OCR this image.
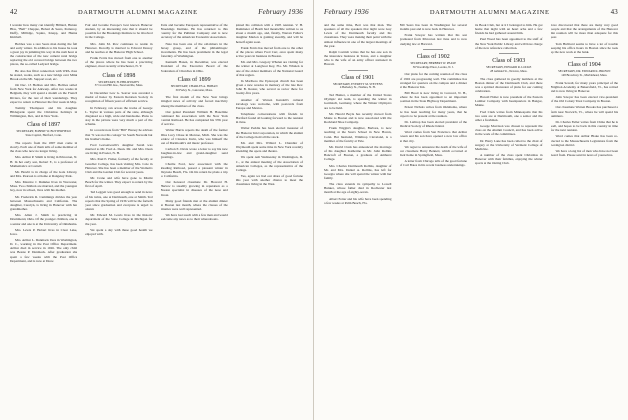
42	DARTMOUTH ALUMNI MAGAZINE	February 1936

I wonder how many can identify Hilliard, Hunter Hiss, "Bull" Chappie, Hebert & Sears, Pomeroy, Duffy, Millidge, Squire, Knapp, and Hanna Kimball.

Hobbes was a rare Sears man during the fall and early winter. In addition to his house he took a great joy in jamming his way in the rush hour at the construction of the new cement rural bridge replacing the old covered bridge between the two places, the so-called Ledyard bridge.

He also has filial connection with WPA class he stated, works, such as a new bridge over Mink Brook on the Mt. Support road, etc.

On Dec. 13 Hobbes and Mrs. Hobbes sailed from New York for Antwerp. After two weeks in Belgium, they will spend a month on the French Riviera, for the rest of their wanderings. They expect to return to Hanover the first week in May.

Tommy Thompson and his daughter Hildegarde spent the Christmas holidays in Wilmington, Del., and in New York.

Class of 1897
SECRETARY, ELBERT W. BUTTERFIELD
State Capitol, Hartford, Conn.

The reports from the 1897 men come in slowly. Each one of them tells of some member of the class who now no longer living.

Mrs. Arthur P. Smith is living in Princeton, N. H. In her early son, Robert F., is a professor of Mathematics at Cornell.

Mr. Hewitt is in charge of the Gale Library, and Mrs. Pearson is at home at Rangeley Park.

Mrs. Maurice J. Dunklee lives in Worcester, Mass. Two children are married, and the youngest boy, now in school, lives with his mother.

Mr. Frederick R. Cummings divides the year between Massachusetts and California. The daughter, Carolyn, is living in Hanover with her grandmother.

Mrs. Allen J. Smith is practicing in Drummond, Okla. Of the younger children, one is a senior and one is at the University of Oklahoma.

Mrs. Lewis P. Hobart lives in Clear Lake, Iowa.

Mrs. Arthur L. Dunmack lives in Washington, D. C., working in the Post Office Department. Arthur died in service in 1926. The only child was Bessie P. Dunmack. After graduation she spent a few weeks with the Post Office Department, and is now at Drew.

Fair and became Europe's best known Hanover student, by an interesting rule that it should be possible for the Brookings Institute to be involved in the College.

Mrs. John M. Pow continues to reside in Hanover. Dorothy is married to Edward Dewey and he teaches at the Hanover High School.

Frank Ferris has moved from one to another of the places where he has been a practicing engineer, most recently at Rochester, N. Y.

Class of 1898
SECRETARY, H. PHILIP PATEY
37 Crown Hill Ave., Newtonville, Mass.

In December Lew G. Seaver was awarded a medal of honor by Eastern Rotation Society in recognition of fifteen years of efficient service.

In February, ran across the tracks of George L. Taylor in various parts of the state, although disguised as a high, wide and handsome. Plans to stay in the picture were very much a part of the scheme.

In a recent note from "Bill" Hersey he advises that "it was not his cottage" in South Norwalk but his brother's home.

Fred Leavenworth's daughter Sarah was married to Mr. Fred A. Dean. Mr. and Mrs. Dean are living in Exeter, N. H.

Mrs. Paul E. Fisher, formerly of the faculty at Goucher College, has been visiting Mrs. Cole in Hanover. She has been a member of the Woman's Club and the Garden Club for several years.

Mr. Crane and wife have gone to Miami Beach for the winter. They expect to return by the first of April.

Ted Leggett was good enough to send in news of his twins, one at Dartmouth, one at Smith. Ted reports that the Spring of 1936 will be the fortieth year since graduation and everyone is urged to attend.

Mr. Edward M. Lewis lives in the historic department of the State College in Michigan for the year.

We spent a day with these good health we enjoyed with.

Paris and became European representative of the Brookings Institute. He has returned to this country for the Pullman Company and is now secretary of the American Economic Association.

Nate has been one of the old-timers in the Jersey group, and of the philanthropic movements. He has been prominent in the legal fraternity of Washington.

Kenneth Hazen, in December, was elected President of the Executive Board of the Federation of Churches in Ohio.

Class of 1899
SECRETARY, CHARLES A. HOBAN
30 Farley St., Lancaster, Mass.

The first month of the New Year brings mingled news of activity and forced inactivity among the members of the class.

Our genial President William H. Hazeltine continued his association with the New York Central Railroad. He has completed his 37th year of service.

Walter Harris reports the death of the former Miss Lucy Chase in Monroe, Mich. She was the widow of Clarence Irwin, who was himself the son of Dartmouth's old music professor.

Carlton E. Davis wrote a letter to say his new daughter-in-law and grand-daughter send greetings.

Charlie Ford, now associated with the Reading Railroad, passed a pleasant winter in Daytona Beach, Fla. On his return he plans a trip to California.

Our honored classmate Dr. Howard H. Harlow is steadily growing in reputation as a Boston specialist in diseases of the nose and throat.

Many good friends met at the alumni dinner in Boston last month, where the classes of the nineties were well represented.

We have lost touch with a few men and would welcome any news as to their whereabouts.

joined his collision with a 1905 reunion. V. H. Dammeier of Heath had meanwhile written to us about a month ago, and, finally, Warren Fuller's daughter Marion is gaining steadily, and will be herself again soon.

Frank Ferris has moved from one to the other of the places where Fred Carr, once spent many active years in business in Boston.

Mr. and Mrs. Gregory Whalen are visiting for the winter at Longboat Key, Fla. Mr. Whalen is one of the oldest members of the National Guard of that region.

In Marlboro the Episcopal church has been given a new reredos in memory of the late Rev. John B. Reuter, who served as rector there for twenty-five years.

Another of Warren Kendall's cultural travelogs was welcome, with postcards from Europe and Mexico.

Telephone conversations with friends in Hartford found all looking forward to the reunion in June.

Walter Peddie has been elected treasurer of the Hanover Inn Corporation, in which the alumni of the College hold all the stock.

Mr. and Mrs. Willard L. Chandler of Weymouth spent some time in New York recently attending the opera and theatre.

We spent Ash Wednesday in Washington, D. C., at the annual meeting of the Association of American Colleges, as the representative of the College.

Yes, again we had our share of good fortune this year with another chance to meet the classmates living in the West.

February 1936	DARTMOUTH ALUMNI MAGAZINE	43

and the same time, Bert was that man. The speakers of all the speakers that night were Guy Lewis of the Dartmouth faculty and his classmates. They were making their point with the utmost influence in one of the largest meetings of the year.

Ralph Cornish writes that he has one son in the insurance business in Texas, and a daughter who is the wife of an army officer stationed in Hawaii.

Class of 1901
SECRETARY, EVERETT M. STEVENS
4 Berkeley St., Nashua, N. H.

Ted Hunter, a member of the United States Olympic ski team, is spending the winter in Garmisch, Germany, where the Winter Olympics are to be held.

Mr. Harold Boyle has recently moved from Maine to Boston and is now associated with the Rockland Shoe Company.

Frank Wiggin's daughter, Barbara, is now teaching at the Storrs School in New Haven, Conn. Her husband, Winthrop Cleveland, is a member of the faculty at Yale.

Mr. David Clark has announced the marriage of his daughter Katherine to Mr. John Rollins Bancroft of Boston, a graduate of Amherst College.

Mrs. Charles Dartmouth Rollins, daughter of Mr. and Mrs. Daniel A. Rollins, has left for Georgia where she will spend the winter with her family.

The class extends its sympathy to Lowell Bunker, whose father died in Rochester last month at the age of eighty-seven.

Albert Fetter and his wife have been spending a few weeks at Palm Beach, Fla.

Bill Sears has been in Washington for several months past and is now back in Hanover.

Frank Sawyer has written that his son graduated from Princeton last June and is now studying law at Harvard.

Class of 1902
SECRETARY, HERBERT W. PEASE
56 Woodridge Place, Leonia, N. J.

Our plans for the coming reunion of the class of 1902 are progressing well. The committee has arranged for quarters on the campus and a dinner at the Hanover Inn.

Bill Hood is now living in Concord, N. H., where he has been appointed to an important position in the State Highway Department.

Ernest Nichols writes from Oklahoma, where he has been teaching for many years, that he expects to be present at the reunion.

Dr. Lathrop has been elected president of the Medical Society of Rhode Island.

Word comes from San Francisco that Arthur Green and his son have opened a new law office in that city.

We regret to announce the death of the wife of our classmate Harry Bennett, which occurred at their home in Springfield, Mass.

A letter from Chicago tells of the good fortune of Carl Bates in his recent business undertakings.

its Book Club, but at it I belonged to him. He got home that night with an heart ache and a few friends he had gathered around him.

Paul Wood has been appointed to the staff of the New York Public Library and will have charge of the new reference collection.

Class of 1903
SECRETARY, EDWARD R. LOCKE
28 Ashland St., Newton, Mass.

The class gathered in goodly numbers at the Boston dinner of the Dartmouth Club, and there was a spirited discussion of plans for our coming celebration.

Harold Fisher is now president of the Eastern Lumber Company with headquarters in Bangor, Maine.

Fred Clark writes from Minneapolis that his two sons are at Dartmouth, one a senior and the other a freshman.

George Morrison was chosen to represent the class on the Alumni Council, and has been active in the work of the committees.

Dr. Harry Lane has been called to the chair of surgery at the University of Vermont College of Medicine.

A number of the class spent Christmas in Hanover with their families, enjoying the winter sports at the Outing Club.

have discovered that there are many very good people and that the arrangements of the Hanover Inn reunion will be more than adequate for this year.

Tom Hubbard seems to have a lot of trouble keeping his office hours in Boston since he took up the new work at the bank.

Class of 1904
SECRETARY, DR. EDWARD K. BROWN
148 Broadway St., Marblehead, Mass.

Frank Sewall, for many years principal of the Brighton Academy at Bakersfield, Vt., has retired and is now living in Hanover.

John Sawyer has been elected vice-president of the Old Colony Trust Company in Boston.

Our classmate Warren Brooks has purchased a farm near Norwich, Vt., where he will spend his summers.

Dr. Charles Fuller writes from China that he is well, and hopes to be back in this country in time for the next reunion.

Word comes that Arthur Blake has been re-elected to the Massachusetts Legislature from the Lexington district.

We have a long list of men who have not been heard from. Please send in news of yourselves.
